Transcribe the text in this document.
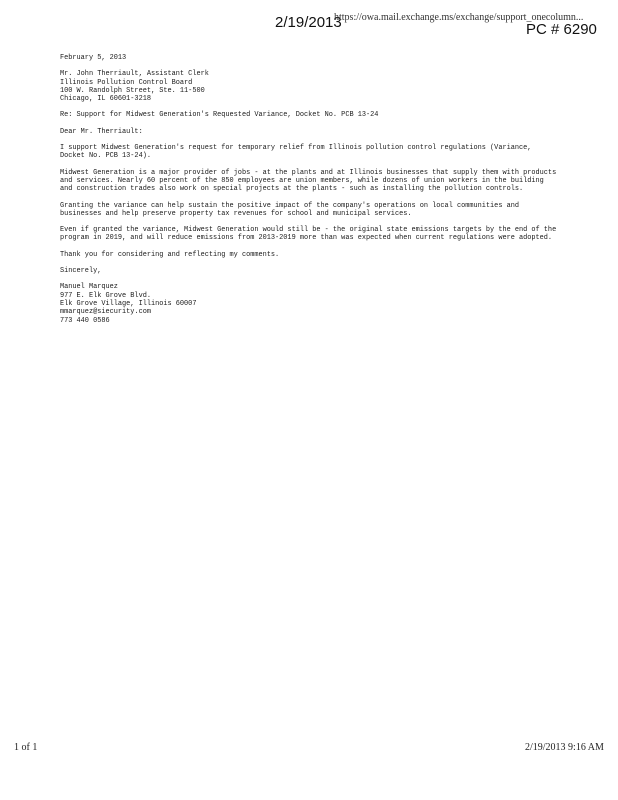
2/19/2013
https://owa.mail.exchange.ms/exchange/support_onecolumn...
PC # 6290

February 5, 2013

Mr. John Therriault, Assistant Clerk
Illinois Pollution Control Board
100 W. Randolph Street, Ste. 11-500
Chicago, IL 60601-3218

Re: Support for Midwest Generation's Requested Variance, Docket No. PCB 13-24

Dear Mr. Therriault:

I support Midwest Generation's request for temporary relief from Illinois pollution control regulations (Variance, Docket No. PCB 13-24).

Midwest Generation is a major provider of jobs - at the plants and at Illinois businesses that supply them with products and services. Nearly 60 percent of the 850 employees are union members, while dozens of union workers in the building and construction trades also work on special projects at the plants - such as installing the pollution controls.

Granting the variance can help sustain the positive impact of the company's operations on local communities and businesses and help preserve property tax revenues for school and municipal services.

Even if granted the variance, Midwest Generation would still be - the original state emissions targets by the end of the program in 2019, and will reduce emissions from 2013-2019 more than was expected when current regulations were adopted.

Thank you for considering and reflecting my comments.

Sincerely,

Manuel Marquez
977 E. Elk Grove Blvd.
Elk Grove Village, Illinois 60007
mmarquez@siecurity.com
773 440 0586

1 of 1	2/19/2013 9:16 AM
